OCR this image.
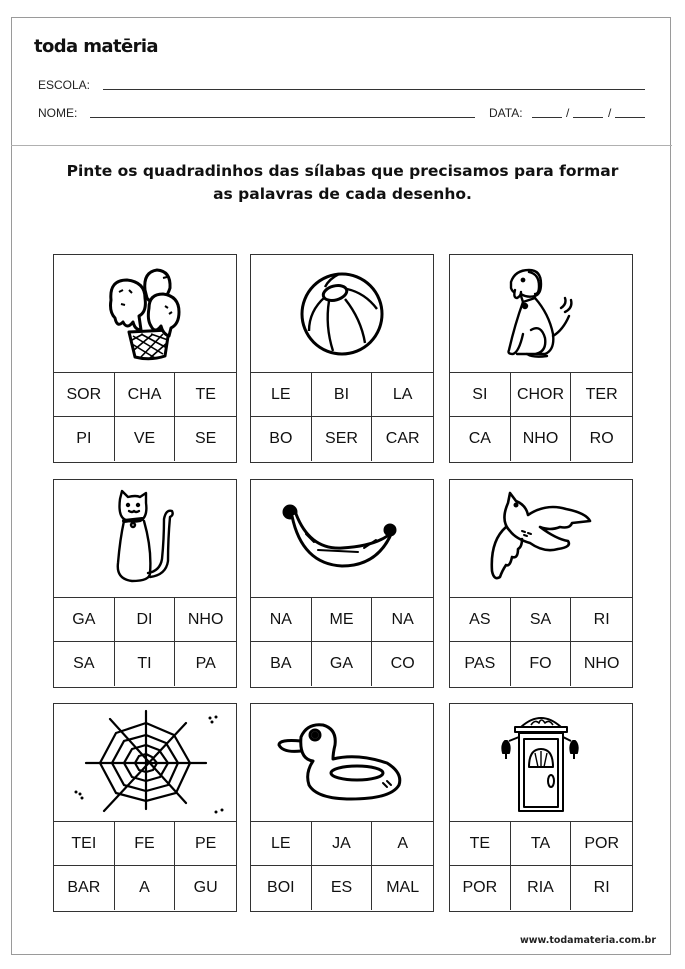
toda matēria
ESCOLA:
NOME:	DATA:	/	/
Pinte os quadradinhos das sílabas que precisamos para formar
as palavras de cada desenho.
SOR	CHA	TE
PI	VE	SE
LE	BI	LA
BO	SER	CAR
SI	CHOR	TER
CA	NHO	RO
GA	DI	NHO
SA	TI	PA
NA	ME	NA
BA	GA	CO
AS	SA	RI
PAS	FO	NHO
TEI	FE	PE
BAR	A	GU
LE	JA	A
BOI	ES	MAL
TE	TA	POR
POR	RIA	RI
www.todamateria.com.br
